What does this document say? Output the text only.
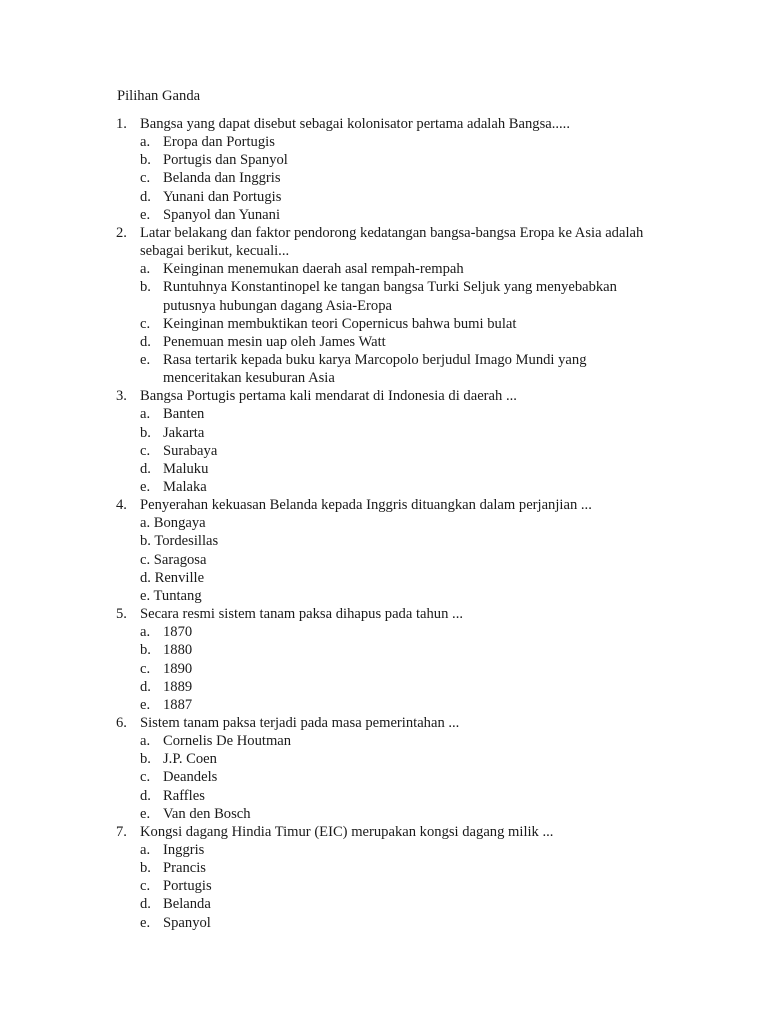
Pilihan Ganda
1. Bangsa yang dapat disebut sebagai kolonisator pertama adalah Bangsa.....
a. Eropa dan Portugis
b. Portugis dan Spanyol
c. Belanda dan Inggris
d. Yunani dan Portugis
e. Spanyol dan Yunani
2. Latar belakang dan faktor pendorong kedatangan bangsa-bangsa Eropa ke Asia adalah
sebagai berikut, kecuali...
a. Keinginan menemukan daerah asal rempah-rempah
b. Runtuhnya Konstantinopel ke tangan bangsa Turki Seljuk yang menyebabkan
putusnya hubungan dagang Asia-Eropa
c. Keinginan membuktikan teori Copernicus bahwa bumi bulat
d. Penemuan mesin uap oleh James Watt
e. Rasa tertarik kepada buku karya Marcopolo berjudul Imago Mundi yang
menceritakan kesuburan Asia
3. Bangsa Portugis pertama kali mendarat di Indonesia di daerah ...
a. Banten
b. Jakarta
c. Surabaya
d. Maluku
e. Malaka
4. Penyerahan kekuasan Belanda kepada Inggris dituangkan dalam perjanjian ...
a. Bongaya
b. Tordesillas
c. Saragosa
d. Renville
e. Tuntang
5. Secara resmi sistem tanam paksa dihapus pada tahun ...
a. 1870
b. 1880
c. 1890
d. 1889
e. 1887
6. Sistem tanam paksa terjadi pada masa pemerintahan ...
a. Cornelis De Houtman
b. J.P. Coen
c. Deandels
d. Raffles
e. Van den Bosch
7. Kongsi dagang Hindia Timur (EIC) merupakan kongsi dagang milik ...
a. Inggris
b. Prancis
c. Portugis
d. Belanda
e. Spanyol
